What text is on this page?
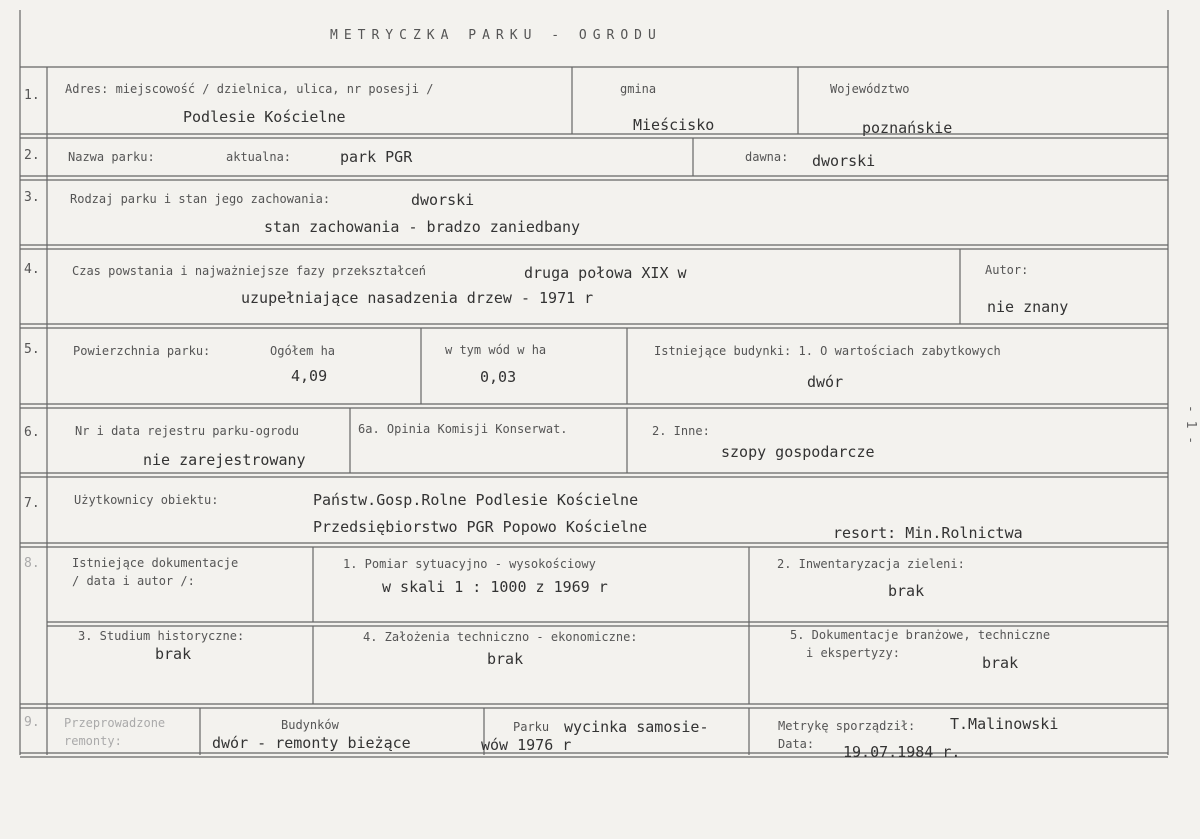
METRYCZKA PARKU - OGRODU
- 1 -
1. Adres: miejscowość / dzielnica, ulica, nr posesji /
Podlesie Kościelne
gmina
Mieścisko
Województwo
poznańskie
2. Nazwa parku:	aktualna:	park PGR	dawna: dworski
3.	Rodzaj parku i stan jego zachowania:	dworski
stan zachowania - bradzo zaniedbany
4.	Czas powstania i najważniejsze fazy przekształceń	druga połowa XIX w
uzupełniające nasadzenia drzew - 1971 r
Autor:
nie znany
5.	Powierzchnia parku:	Ogółem ha
4,09
w tym wód w ha
0,03
Istniejące budynki: 1. O wartościach zabytkowych
dwór
6.	Nr i data rejestru parku-ogrodu
nie zarejestrowany
6a. Opinia Komisji Konserwat.	2. Inne:
szopy gospodarcze
7.	Użytkownicy obiektu:	Państw.Gosp.Rolne Podlesie Kościelne
Przedsiębiorstwo PGR Popowo Kościelne	resort: Min.Rolnictwa
8.	Istniejące dokumentacje
/ data i autor /:
1. Pomiar sytuacyjno - wysokościowy
w skali 1 : 1000 z 1969 r
2. Inwentaryzacja zieleni:
brak
3. Studium historyczne:
brak
4. Założenia techniczno - ekonomiczne:
brak
5. Dokumentacje branżowe, techniczne
i ekspertyzy:
brak
9. Przeprowadzone
remonty:
Budynków
dwór - remonty bieżące
Parku wycinka samosie-
wów 1976 r
Metrykę sporządził: T.Malinowski
Data: 19.07.1984 r.
